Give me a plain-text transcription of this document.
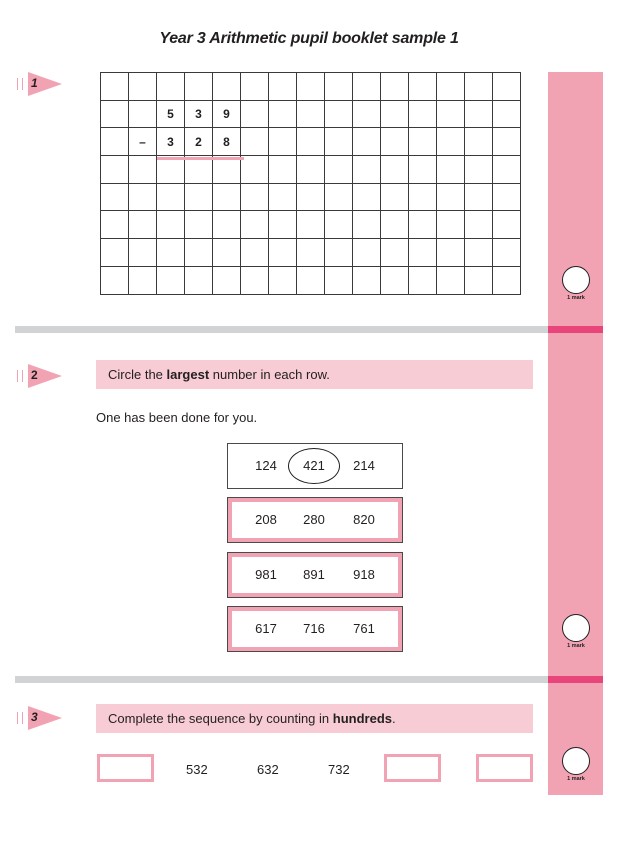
Year 3 Arithmetic pupil booklet sample 1
1

		5	3	9										
	–	3	2	8										

1 mark
2	Circle the largest number in each row.
One has been done for you.
124	421	214
208	280	820
981	891	918
617	716	761
1 mark
3	Complete the sequence by counting in hundreds.
532	632	732
1 mark
